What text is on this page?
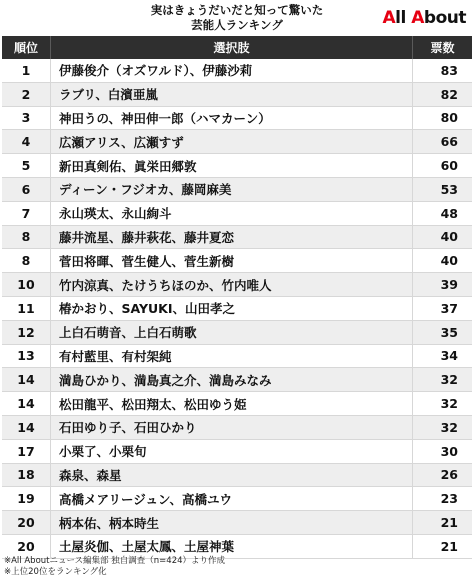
実はきょうだいだと知って驚いた
芸能人ランキング	All About
順位	選択肢	票数
1	伊藤俊介（オズワルド）、伊藤沙莉	83
2	ラブリ、白濱亜嵐	82
3	神田うの、神田伸一郎（ハマカーン）	80
4	広瀬アリス、広瀬すず	66
5	新田真剣佑、眞栄田郷敦	60
6	ディーン・フジオカ、藤岡麻美	53
7	永山瑛太、永山絢斗	48
8	藤井流星、藤井萩花、藤井夏恋	40
8	菅田将暉、菅生健人、菅生新樹	40
10	竹内涼真、たけうちほのか、竹内唯人	39
11	椿かおり、SAYUKI、山田孝之	37
12	上白石萌音、上白石萌歌	35
13	有村藍里、有村架純	34
14	満島ひかり、満島真之介、満島みなみ	32
14	松田龍平、松田翔太、松田ゆう姫	32
14	石田ゆり子、石田ひかり	32
17	小栗了、小栗旬	30
18	森泉、森星	26
19	高橋メアリージュン、高橋ユウ	23
20	柄本佑、柄本時生	21
20	土屋炎伽、土屋太鳳、土屋神葉	21
※All Aboutニュース編集部 独自調査（n=424）より作成
※上位20位をランキング化
